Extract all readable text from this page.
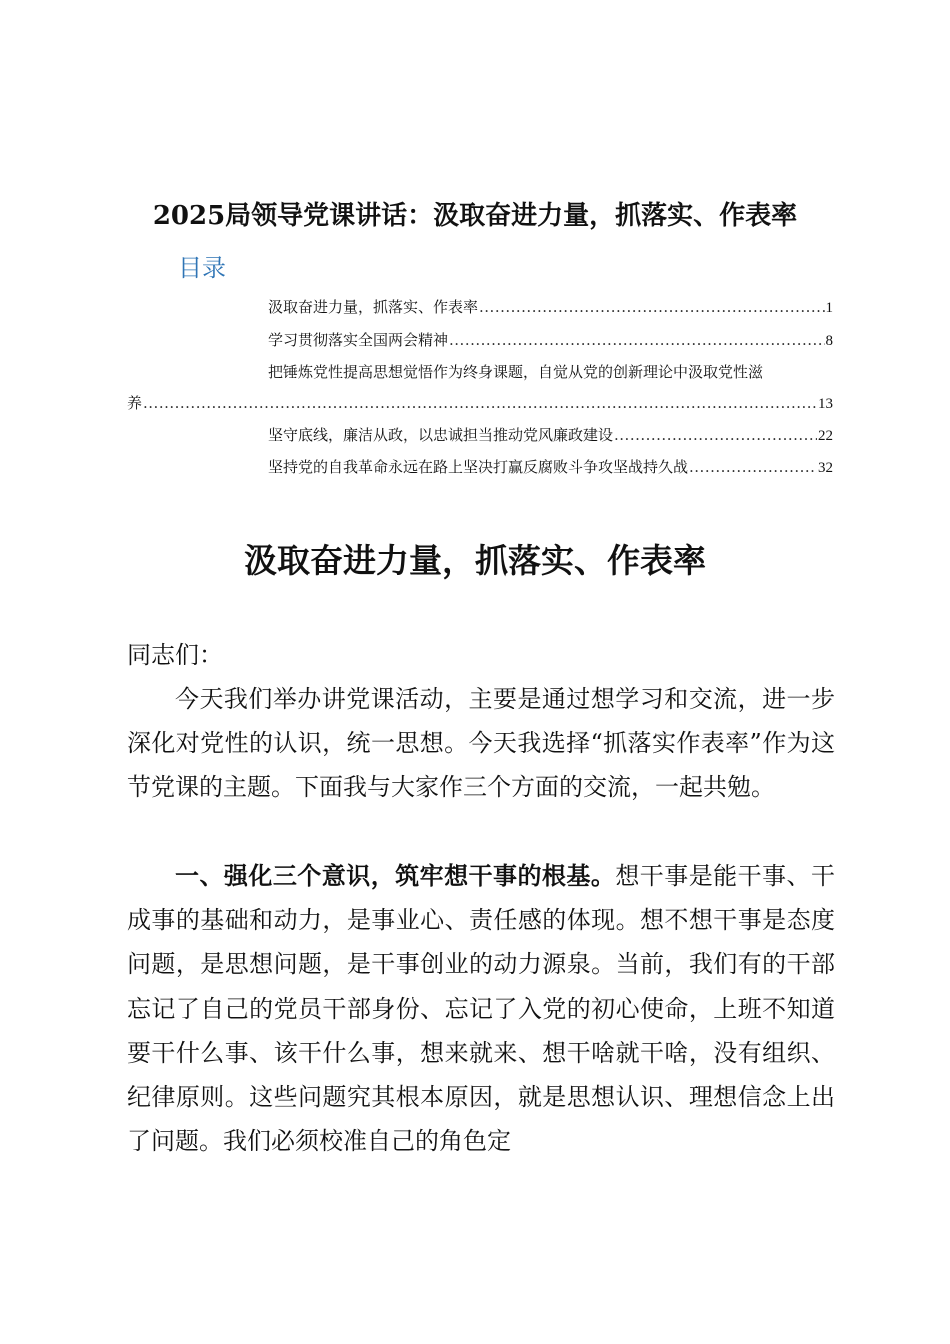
2025局领导党课讲话：汲取奋进力量，抓落实、作表率
目录
汲取奋进力量，抓落实、作表率 .....	1
学习贯彻落实全国两会精神 .....	8
把锤炼党性提高思想觉悟作为终身课题，自觉从党的创新理论中汲取党性滋
养 .....	13
坚守底线，廉洁从政，以忠诚担当推动党风廉政建设 .....	22
坚持党的自我革命永远在路上坚决打赢反腐败斗争攻坚战持久战 .....	32
汲取奋进力量，抓落实、作表率
同志们：
今天我们举办讲党课活动，主要是通过想学习和交流，进一步深化对党性的认识，统一思想。今天我选择“抓落实作表率”作为这节党课的主题。下面我与大家作三个方面的交流，一起共勉。
一、强化三个意识，筑牢想干事的根基。想干事是能干事、干成事的基础和动力，是事业心、责任感的体现。想不想干事是态度问题，是思想问题，是干事创业的动力源泉。当前，我们有的干部忘记了自己的党员干部身份、忘记了入党的初心使命，上班不知道要干什么事、该干什么事，想来就来、想干啥就干啥，没有组织、纪律原则。这些问题究其根本原因，就是思想认识、理想信念上出了问题。我们必须校准自己的角色定
